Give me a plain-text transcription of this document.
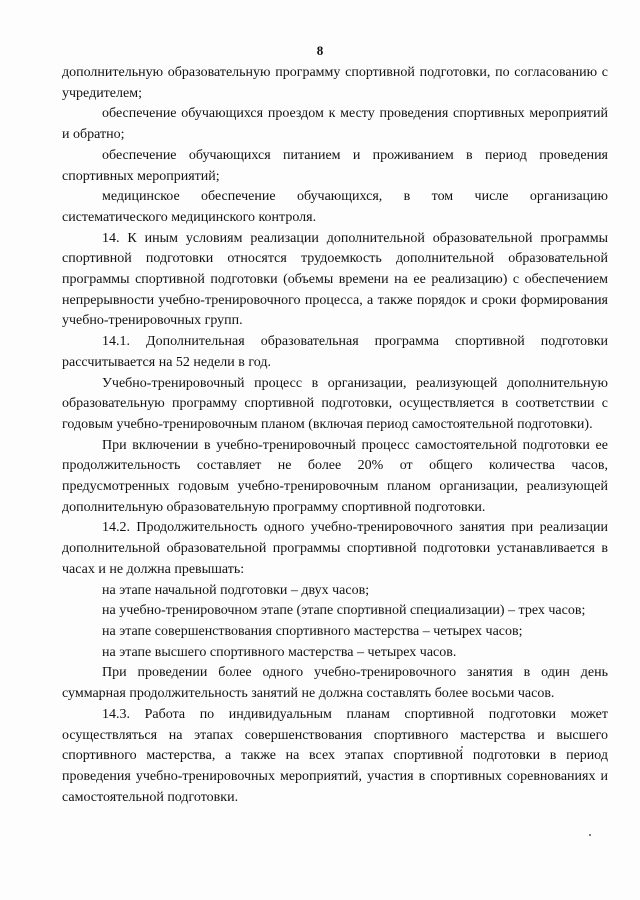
8

дополнительную образовательную программу спортивной подготовки, по согласованию с учредителем;

обеспечение обучающихся проездом к месту проведения спортивных мероприятий и обратно;

обеспечение обучающихся питанием и проживанием в период проведения спортивных мероприятий;

медицинское обеспечение обучающихся, в том числе организацию систематического медицинского контроля.

14. К иным условиям реализации дополнительной образовательной программы спортивной подготовки относятся трудоемкость дополнительной образовательной программы спортивной подготовки (объемы времени на ее реализацию) с обеспечением непрерывности учебно-тренировочного процесса, а также порядок и сроки формирования учебно-тренировочных групп.

14.1. Дополнительная образовательная программа спортивной подготовки рассчитывается на 52 недели в год.

Учебно-тренировочный процесс в организации, реализующей дополнительную образовательную программу спортивной подготовки, осуществляется в соответствии с годовым учебно-тренировочным планом (включая период самостоятельной подготовки).

При включении в учебно-тренировочный процесс самостоятельной подготовки ее продолжительность составляет не более 20% от общего количества часов, предусмотренных годовым учебно-тренировочным планом организации, реализующей дополнительную образовательную программу спортивной подготовки.

14.2. Продолжительность одного учебно-тренировочного занятия при реализации дополнительной образовательной программы спортивной подготовки устанавливается в часах и не должна превышать:

на этапе начальной подготовки – двух часов;

на учебно-тренировочном этапе (этапе спортивной специализации) – трех часов;

на этапе совершенствования спортивного мастерства – четырех часов;

на этапе высшего спортивного мастерства – четырех часов.

При проведении более одного учебно-тренировочного занятия в один день суммарная продолжительность занятий не должна составлять более восьми часов.

14.3. Работа по индивидуальным планам спортивной подготовки может осуществляться на этапах совершенствования спортивного мастерства и высшего спортивного мастерства, а также на всех этапах спортивной подготовки в период проведения учебно-тренировочных мероприятий, участия в спортивных соревнованиях и самостоятельной подготовки.
